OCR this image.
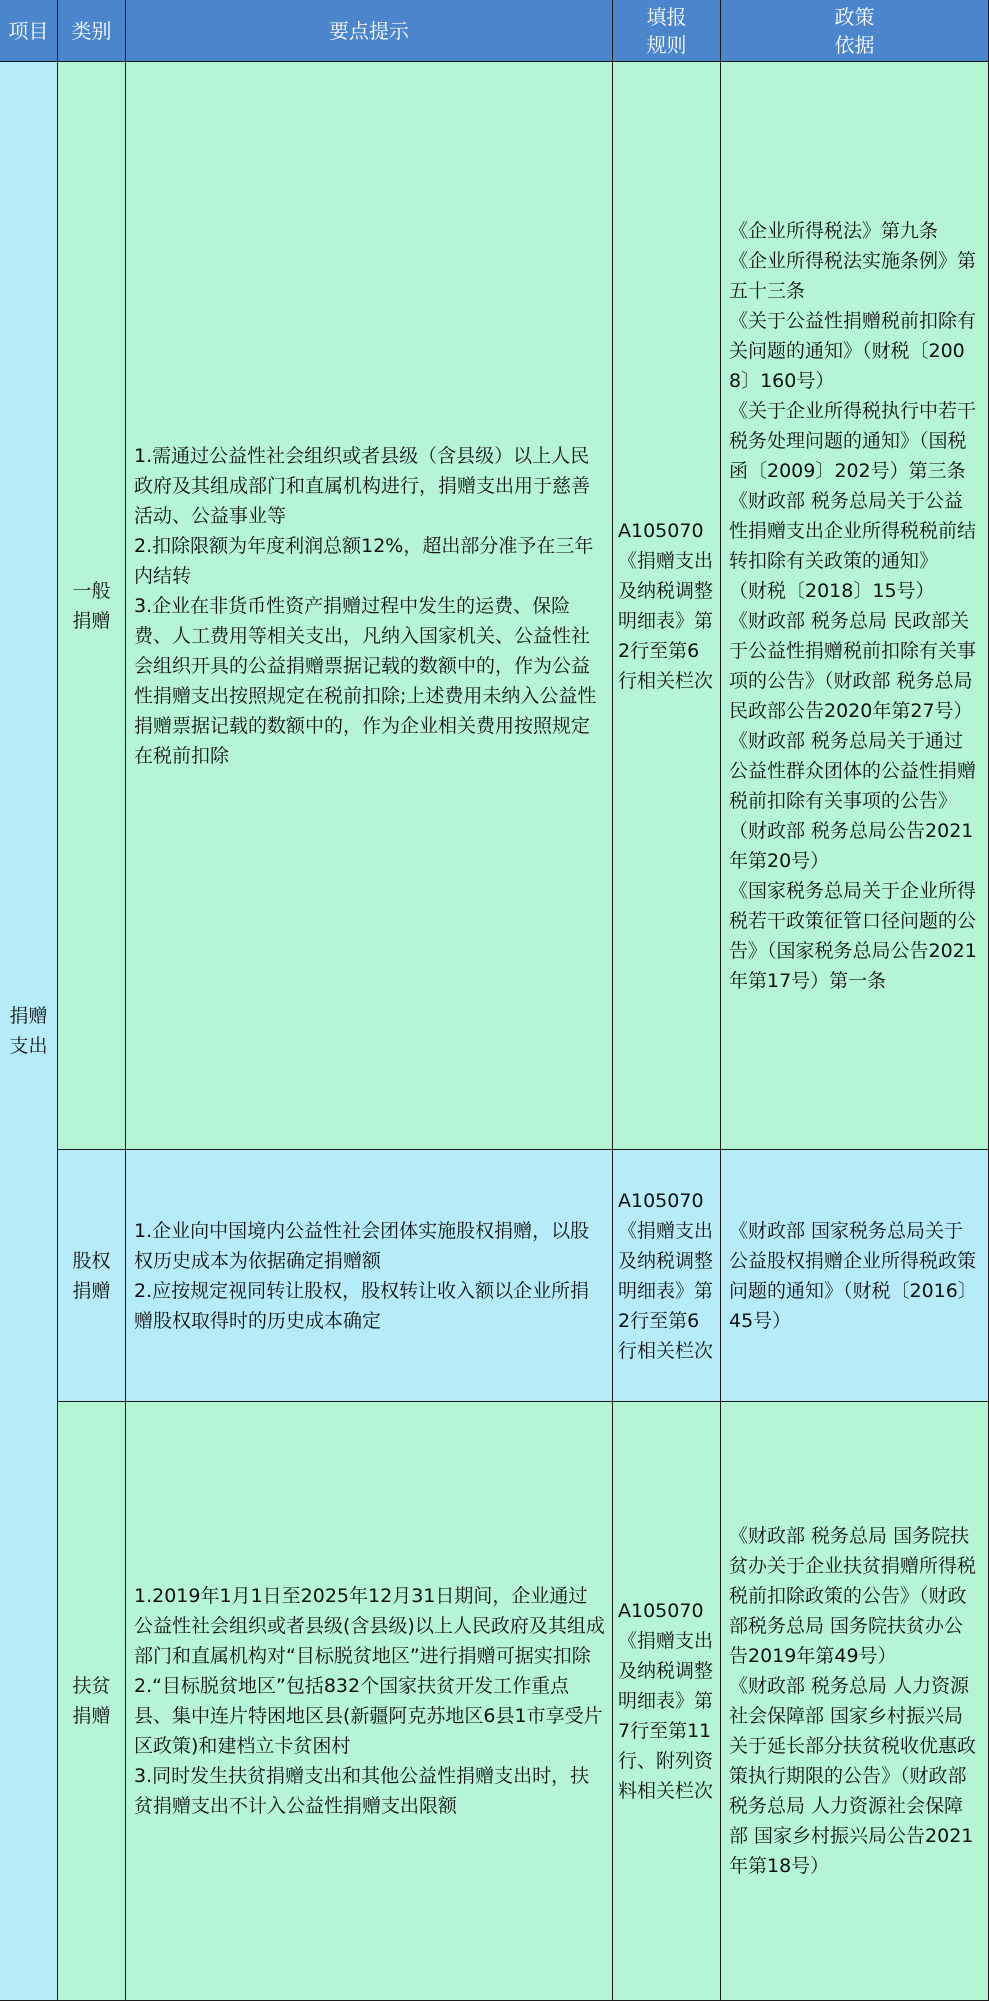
项目	类别	要点提示
填报
规则
政策
依据
捐赠
支出
一般
捐赠
1.需通过公益性社会组织或者县级（含县级）以上人民政府及其组成部门和直属机构进行，捐赠支出用于慈善活动、公益事业等
2.扣除限额为年度利润总额12%，超出部分准予在三年内结转
3.企业在非货币性资产捐赠过程中发生的运费、保险费、人工费用等相关支出，凡纳入国家机关、公益性社会组织开具的公益捐赠票据记载的数额中的，作为公益性捐赠支出按照规定在税前扣除;上述费用未纳入公益性捐赠票据记载的数额中的，作为企业相关费用按照规定在税前扣除
A105070《捐赠支出及纳税调整明细表》第2行至第6行相关栏次
《企业所得税法》第九条
《企业所得税法实施条例》第五十三条
《关于公益性捐赠税前扣除有关问题的通知》（财税〔2008〕160号）
《关于企业所得税执行中若干税务处理问题的通知》（国税函〔2009〕202号）第三条
《财政部 税务总局关于公益性捐赠支出企业所得税税前结转扣除有关政策的通知》 （财税〔2018〕15号）
《财政部 税务总局 民政部关于公益性捐赠税前扣除有关事项的公告》（财政部 税务总局民政部公告2020年第27号）
《财政部 税务总局关于通过公益性群众团体的公益性捐赠税前扣除有关事项的公告》（财政部 税务总局公告2021年第20号）
《国家税务总局关于企业所得税若干政策征管口径问题的公告》（国家税务总局公告2021年第17号）第一条
股权
捐赠
1.企业向中国境内公益性社会团体实施股权捐赠，以股权历史成本为依据确定捐赠额
2.应按规定视同转让股权，股权转让收入额以企业所捐赠股权取得时的历史成本确定
A105070《捐赠支出及纳税调整明细表》第2行至第6行相关栏次
《财政部 国家税务总局关于公益股权捐赠企业所得税政策问题的通知》（财税〔2016〕45号）
扶贫
捐赠
1.2019年1月1日至2025年12月31日期间，企业通过公益性社会组织或者县级(含县级)以上人民政府及其组成部门和直属机构对“目标脱贫地区”进行捐赠可据实扣除
2.“目标脱贫地区”包括832个国家扶贫开发工作重点县、集中连片特困地区县(新疆阿克苏地区6县1市享受片区政策)和建档立卡贫困村
3.同时发生扶贫捐赠支出和其他公益性捐赠支出时，扶贫捐赠支出不计入公益性捐赠支出限额
A105070《捐赠支出及纳税调整明细表》第7行至第11行、附列资料相关栏次
《财政部 税务总局 国务院扶贫办关于企业扶贫捐赠所得税税前扣除政策的公告》（财政部税务总局 国务院扶贫办公告2019年第49号）
《财政部 税务总局 人力资源社会保障部 国家乡村振兴局关于延长部分扶贫税收优惠政策执行期限的公告》（财政部 税务总局 人力资源社会保障部 国家乡村振兴局公告2021年第18号）
